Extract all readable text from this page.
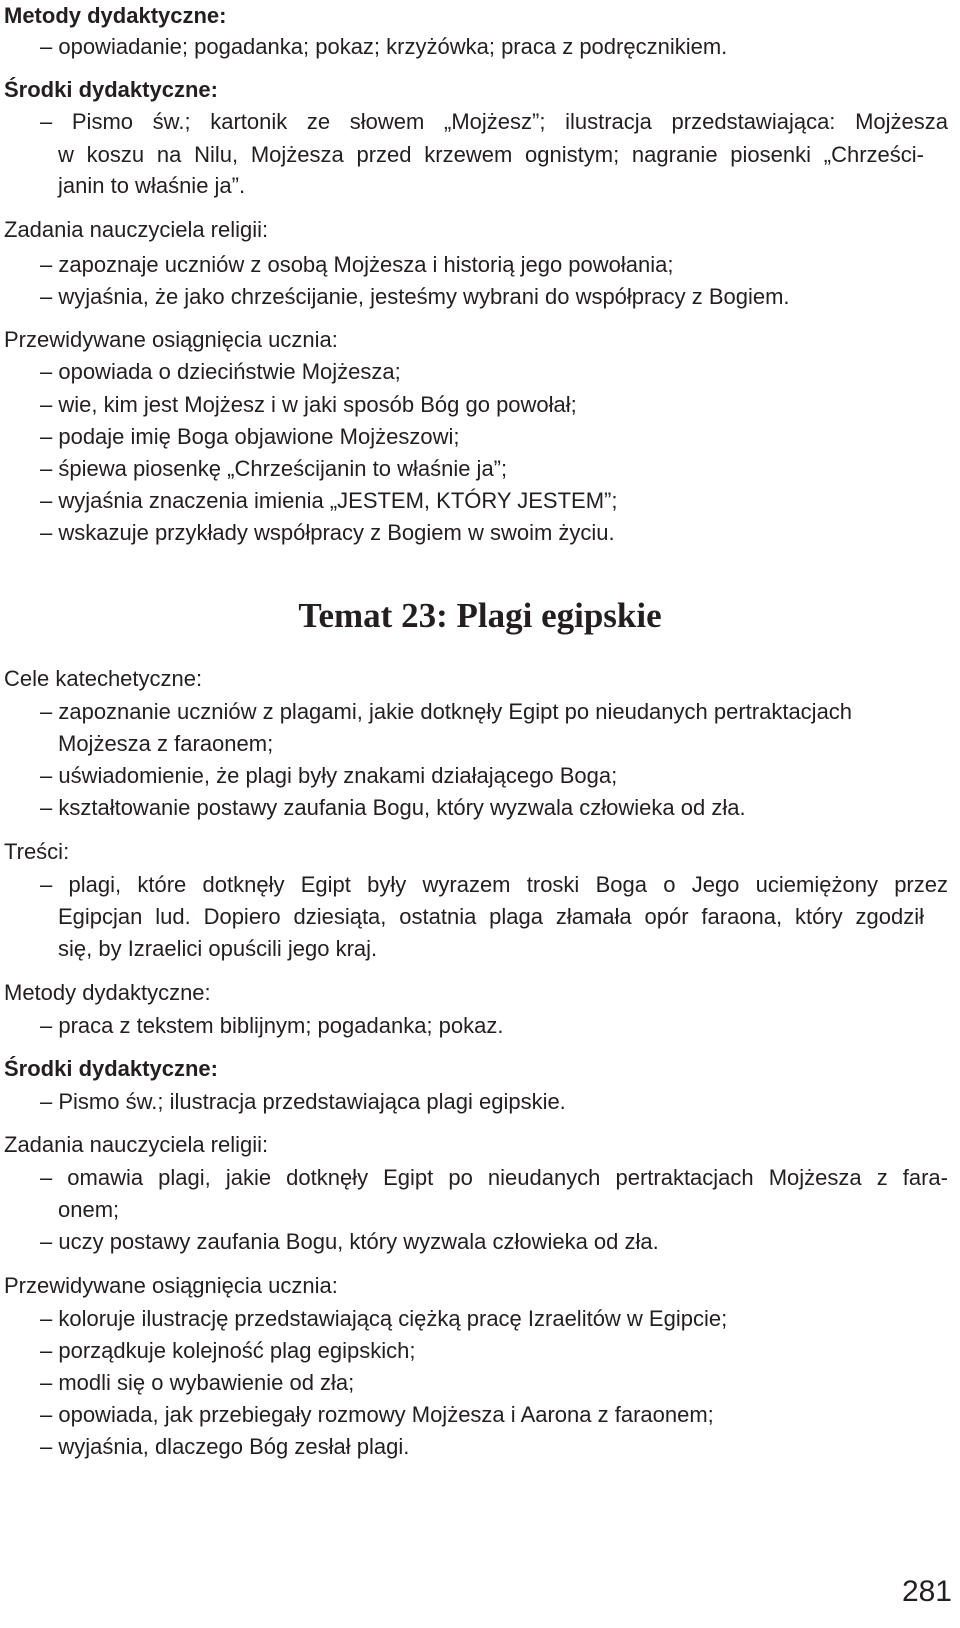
Metody dydaktyczne:

– opowiadanie; pogadanka; pokaz; krzyżówka; praca z podręcznikiem.

Środki dydaktyczne:

– Pismo św.; kartonik ze słowem „Mojżesz”; ilustracja przedstawiająca: Mojżesza

w koszu na Nilu, Mojżesza przed krzewem ognistym; nagranie piosenki „Chrześci-

janin to właśnie ja”.

Zadania nauczyciela religii:

– zapoznaje uczniów z osobą Mojżesza i historią jego powołania;

– wyjaśnia, że jako chrześcijanie, jesteśmy wybrani do współpracy z Bogiem.

Przewidywane osiągnięcia ucznia:

– opowiada o dzieciństwie Mojżesza;

– wie, kim jest Mojżesz i w jaki sposób Bóg go powołał;

– podaje imię Boga objawione Mojżeszowi;

– śpiewa piosenkę „Chrześcijanin to właśnie ja”;

– wyjaśnia znaczenia imienia „JESTEM, KTÓRY JESTEM”;

– wskazuje przykłady współpracy z Bogiem w swoim życiu.

Temat 23: Plagi egipskie
Cele katechetyczne:

– zapoznanie uczniów z plagami, jakie dotknęły Egipt po nieudanych pertraktacjach

Mojżesza z faraonem;

– uświadomienie, że plagi były znakami działającego Boga;

– kształtowanie postawy zaufania Bogu, który wyzwala człowieka od zła.

Treści:

– plagi, które dotknęły Egipt były wyrazem troski Boga o Jego uciemiężony przez

Egipcjan lud. Dopiero dziesiąta, ostatnia plaga złamała opór faraona, który zgodził

się, by Izraelici opuścili jego kraj.

Metody dydaktyczne:

– praca z tekstem biblijnym; pogadanka; pokaz.

Środki dydaktyczne:

– Pismo św.; ilustracja przedstawiająca plagi egipskie.

Zadania nauczyciela religii:

– omawia plagi, jakie dotknęły Egipt po nieudanych pertraktacjach Mojżesza z fara-

onem;

– uczy postawy zaufania Bogu, który wyzwala człowieka od zła.

Przewidywane osiągnięcia ucznia:

– koloruje ilustrację przedstawiającą ciężką pracę Izraelitów w Egipcie;

– porządkuje kolejność plag egipskich;

– modli się o wybawienie od zła;

– opowiada, jak przebiegały rozmowy Mojżesza i Aarona z faraonem;

– wyjaśnia, dlaczego Bóg zesłał plagi.

281
